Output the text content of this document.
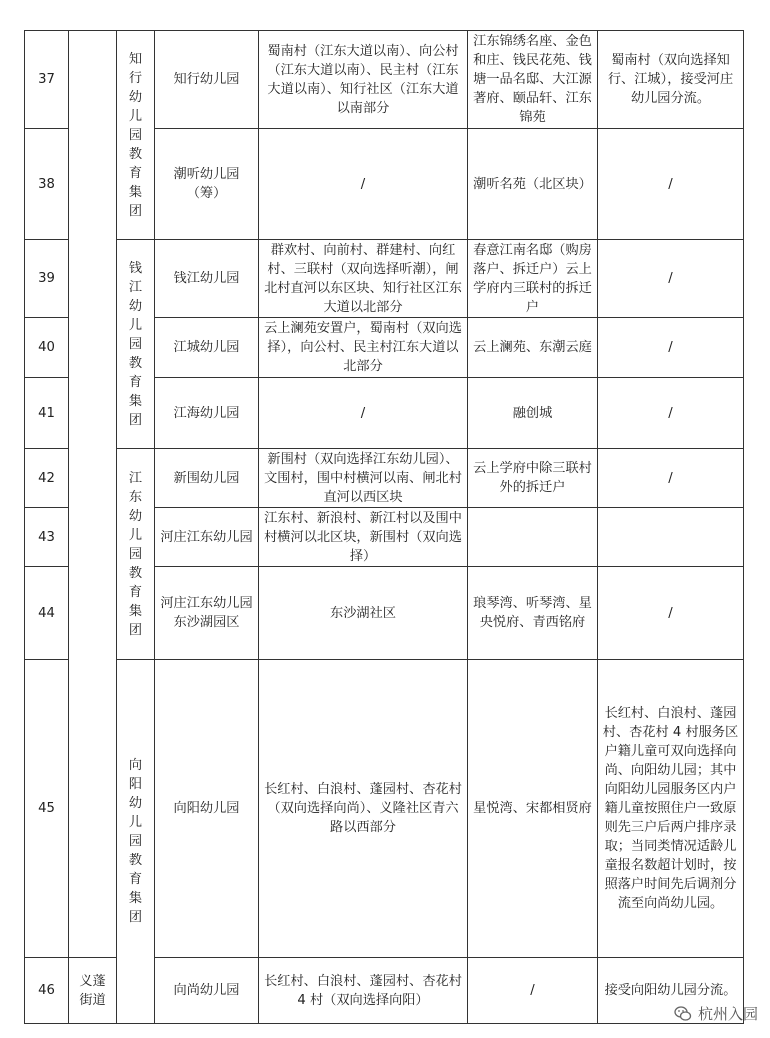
37		知行幼儿园教育集团	知行幼儿园	蜀南村（江东大道以南）、向公村（江东大道以南）、民主村（江东大道以南）、知行社区（江东大道以南部分	江东锦绣名座、金色和庄、钱民花苑、钱塘一品名邸、大江源著府、颐品轩、江东锦苑	蜀南村（双向选择知行、江城），接受河庄幼儿园分流。
38			潮听幼儿园（筹）	/	潮听名苑（北区块）	/
39		钱江幼儿园教育集团	钱江幼儿园	群欢村、向前村、群建村、向红村、三联村（双向选择听潮），闸北村直河以东区块、知行社区江东大道以北部分	春意江南名邸（购房落户、拆迁户）云上学府内三联村的拆迁户	/
40			江城幼儿园	云上澜苑安置户，蜀南村（双向选择），向公村、民主村江东大道以北部分	云上澜苑、东潮云庭	/
41			江海幼儿园	/	融创城	/
42		江东幼儿园教育集团	新围幼儿园	新围村（双向选择江东幼儿园）、文围村，围中村横河以南、闸北村直河以西区块	云上学府中除三联村外的拆迁户	/
43			河庄江东幼儿园	江东村、新浪村、新江村以及围中村横河以北区块，新围村（双向选择）		
44			河庄江东幼儿园东沙湖园区	东沙湖社区	琅琴湾、听琴湾、星央悦府、青西铭府	/
45		向阳幼儿园教育集团	向阳幼儿园	长红村、白浪村、蓬园村、杏花村（双向选择向尚）、义隆社区青六路以西部分	星悦湾、宋都相贤府	长红村、白浪村、蓬园村、杏花村 4 村服务区户籍儿童可双向选择向尚、向阳幼儿园；其中向阳幼儿园服务区内户籍儿童按照住户一致原则先三户后两户排序录取；当同类情况适龄儿童报名数超计划时，按照落户时间先后调剂分流至向尚幼儿园。
46	义蓬街道		向尚幼儿园	长红村、白浪村、蓬园村、杏花村 4 村（双向选择向阳）	/	接受向阳幼儿园分流。
杭州入园
